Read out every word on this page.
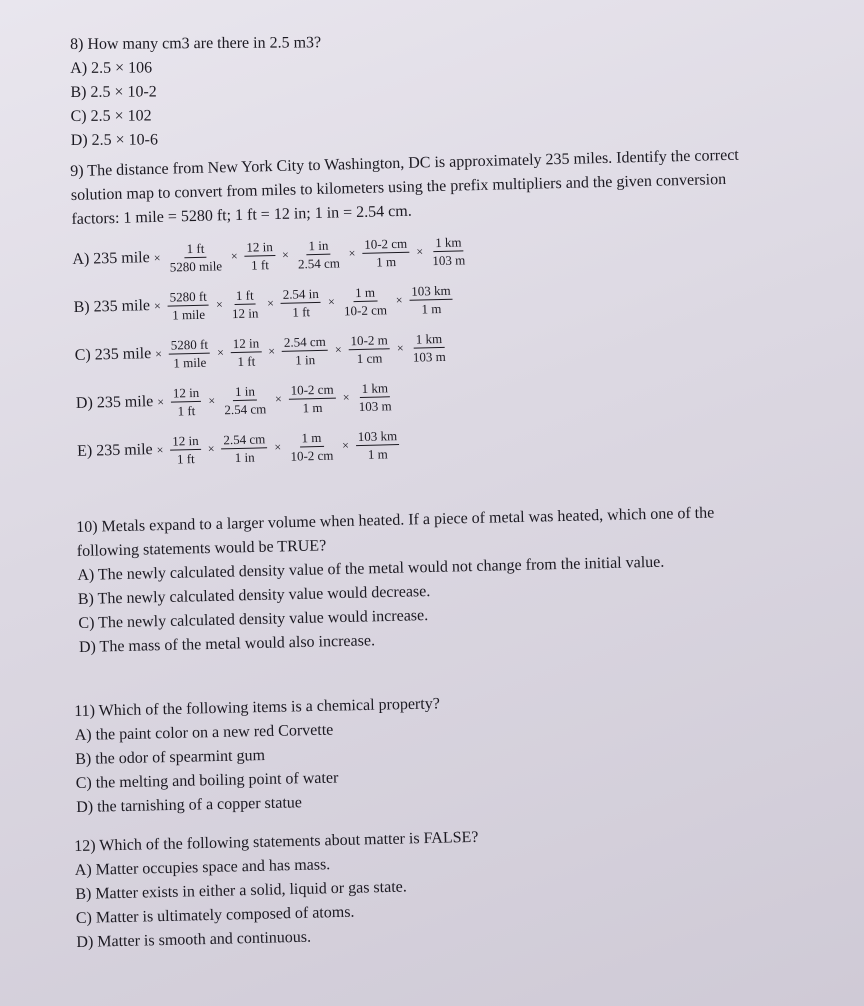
8) How many cm3 are there in 2.5 m3?

A) 2.5 × 106

B) 2.5 × 10-2

C) 2.5 × 102

D) 2.5 × 10-6

9) The distance from New York City to Washington, DC is approximately 235 miles. Identify the correct solution map to convert from miles to kilometers using the prefix multipliers and the given conversion factors: 1 mile = 5280 ft; 1 ft = 12 in; 1 in = 2.54 cm.

A) 235 mile × $\frac{1 ft}{\text{5280 mile}} \times \frac{12 in}{1 ft} \times \frac{1 in}{2.54 cm} \times \frac{10-2 cm}{1 m} \times \frac{1 km}{103 m}$
B) 235 mile × $\frac{5280 ft}{\text{1 mile}} \times \frac{1 ft}{12 in} \times \frac{2.54 in}{1 ft} \times \frac{1 m}{10-2 cm} \times \frac{103 km}{1 m}$
C) 235 mile × $\frac{5280 ft}{\text{1 mile}} \times \frac{12 in}{1 ft} \times \frac{2.54 cm}{1 in} \times \frac{10-2 m}{1 cm} \times \frac{1 km}{103 m}$
D) 235 mile × $\frac{12 in}{1 ft} \times \frac{1 in}{2.54 cm} \times \frac{10-2 cm}{1 m} \times \frac{1 km}{103 m}$
E) 235 mile × $\frac{12 in}{1 ft} \times \frac{2.54 cm}{1 in} \times \frac{1 m}{10-2 cm} \times \frac{103 km}{1 m}$

10) Metals expand to a larger volume when heated. If a piece of metal was heated, which one of the following statements would be TRUE?

A) The newly calculated density value of the metal would not change from the initial value.

B) The newly calculated density value would decrease.

C) The newly calculated density value would increase.

D) The mass of the metal would also increase.

11) Which of the following items is a chemical property?

A) the paint color on a new red Corvette

B) the odor of spearmint gum

C) the melting and boiling point of water

D) the tarnishing of a copper statue

12) Which of the following statements about matter is FALSE?

A) Matter occupies space and has mass.

B) Matter exists in either a solid, liquid or gas state.

C) Matter is ultimately composed of atoms.

D) Matter is smooth and continuous.
